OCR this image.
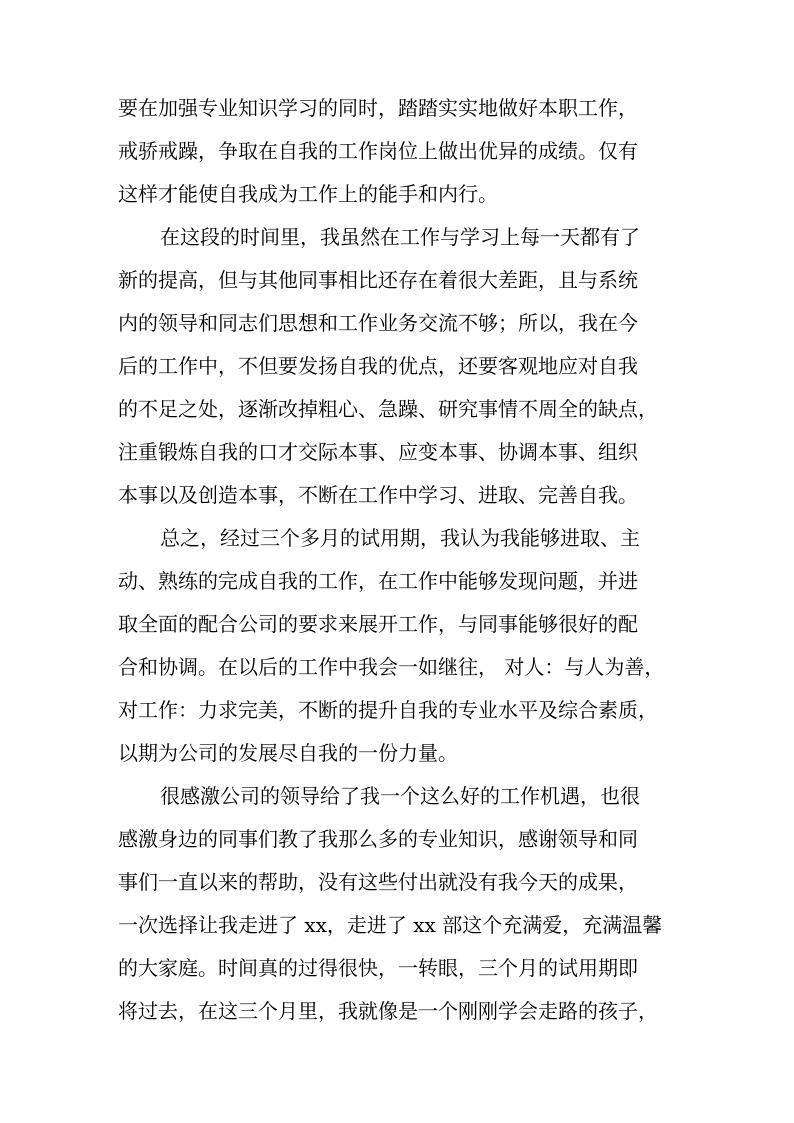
要在加强专业知识学习的同时，踏踏实实地做好本职工作，
戒骄戒躁，争取在自我的工作岗位上做出优异的成绩。仅有
这样才能使自我成为工作上的能手和内行。
在这段的时间里，我虽然在工作与学习上每一天都有了
新的提高，但与其他同事相比还存在着很大差距，且与系统
内的领导和同志们思想和工作业务交流不够；所以，我在今
后的工作中，不但要发扬自我的优点，还要客观地应对自我
的不足之处，逐渐改掉粗心、急躁、研究事情不周全的缺点，
注重锻炼自我的口才交际本事、应变本事、协调本事、组织
本事以及创造本事，不断在工作中学习、进取、完善自我。
总之，经过三个多月的试用期，我认为我能够进取、主
动、熟练的完成自我的工作，在工作中能够发现问题，并进
取全面的配合公司的要求来展开工作，与同事能够很好的配
合和协调。在以后的工作中我会一如继往， 对人：与人为善，
对工作：力求完美，不断的提升自我的专业水平及综合素质，
以期为公司的发展尽自我的一份力量。
很感激公司的领导给了我一个这么好的工作机遇，也很
感激身边的同事们教了我那么多的专业知识，感谢领导和同
事们一直以来的帮助，没有这些付出就没有我今天的成果，
一次选择让我走进了 xx，走进了 xx 部这个充满爱，充满温馨
的大家庭。时间真的过得很快，一转眼，三个月的试用期即
将过去，在这三个月里，我就像是一个刚刚学会走路的孩子，
